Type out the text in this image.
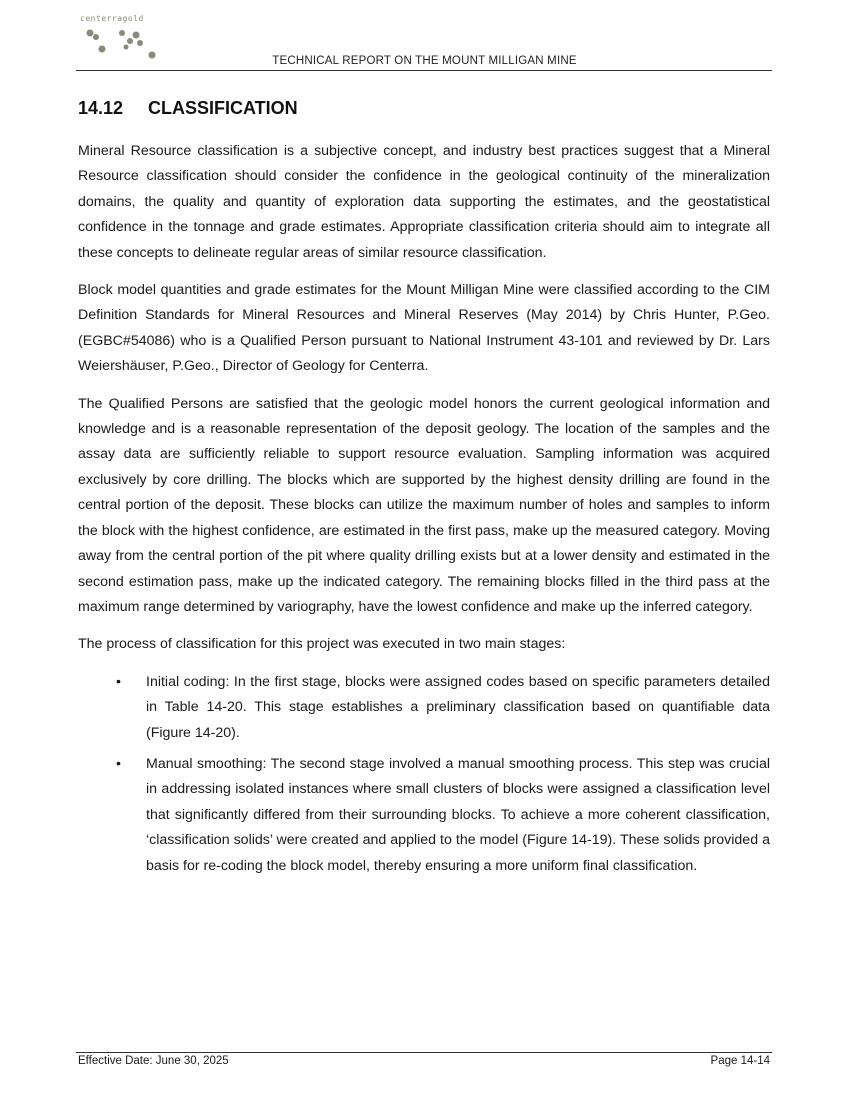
centerragold
TECHNICAL REPORT ON THE MOUNT MILLIGAN MINE
14.12	CLASSIFICATION

Mineral Resource classification is a subjective concept, and industry best practices suggest that a Mineral Resource classification should consider the confidence in the geological continuity of the mineralization domains, the quality and quantity of exploration data supporting the estimates, and the geostatistical confidence in the tonnage and grade estimates. Appropriate classification criteria should aim to integrate all these concepts to delineate regular areas of similar resource classification.

Block model quantities and grade estimates for the Mount Milligan Mine were classified according to the CIM Definition Standards for Mineral Resources and Mineral Reserves (May 2014) by Chris Hunter, P.Geo. (EGBC#54086) who is a Qualified Person pursuant to National Instrument 43-101 and reviewed by Dr. Lars Weiershäuser, P.Geo., Director of Geology for Centerra.

The Qualified Persons are satisfied that the geologic model honors the current geological information and knowledge and is a reasonable representation of the deposit geology. The location of the samples and the assay data are sufficiently reliable to support resource evaluation. Sampling information was acquired exclusively by core drilling. The blocks which are supported by the highest density drilling are found in the central portion of the deposit. These blocks can utilize the maximum number of holes and samples to inform the block with the highest confidence, are estimated in the first pass, make up the measured category. Moving away from the central portion of the pit where quality drilling exists but at a lower density and estimated in the second estimation pass, make up the indicated category. The remaining blocks filled in the third pass at the maximum range determined by variography, have the lowest confidence and make up the inferred category.

The process of classification for this project was executed in two main stages:

• Initial coding: In the first stage, blocks were assigned codes based on specific parameters detailed in Table 14-20. This stage establishes a preliminary classification based on quantifiable data (Figure 14-20).
• Manual smoothing: The second stage involved a manual smoothing process. This step was crucial in addressing isolated instances where small clusters of blocks were assigned a classification level that significantly differed from their surrounding blocks. To achieve a more coherent classification, ‘classification solids’ were created and applied to the model (Figure 14-19). These solids provided a basis for re-coding the block model, thereby ensuring a more uniform final classification.
Effective Date: June 30, 2025	Page 14-14
